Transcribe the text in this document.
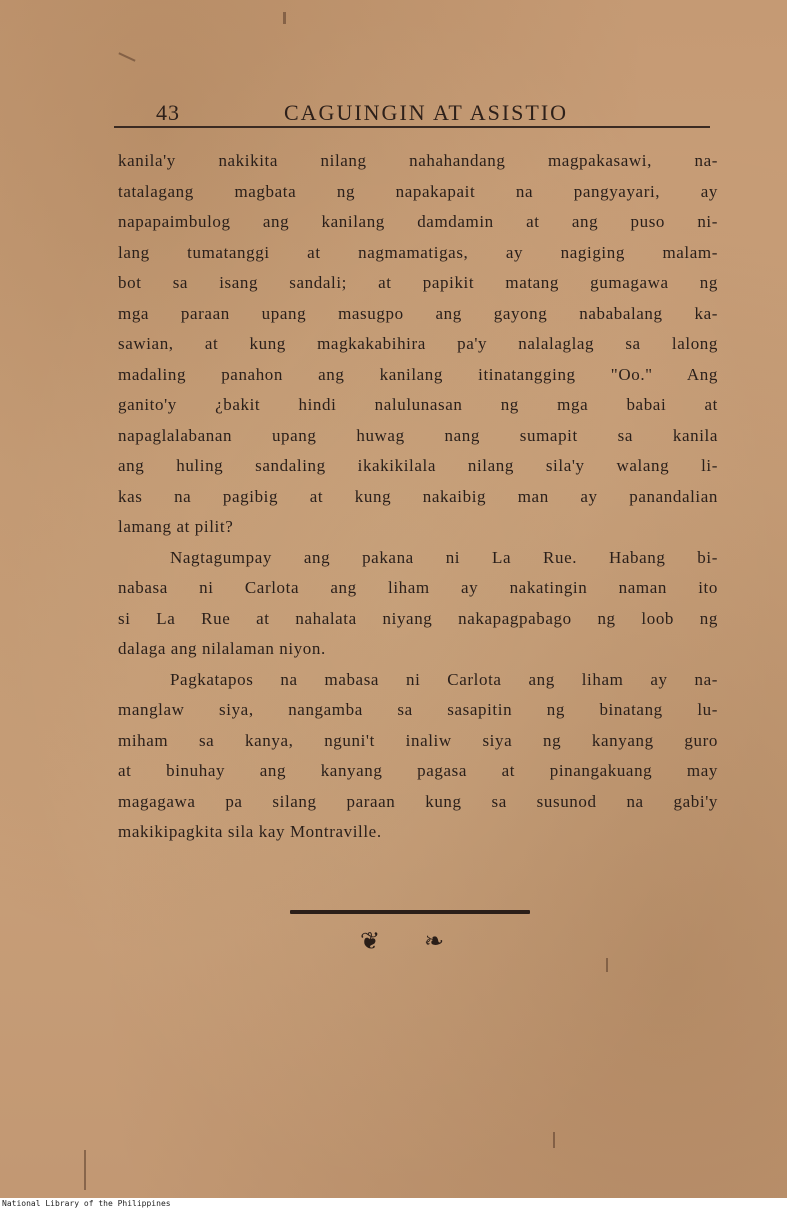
43	CAGUINGIN AT ASISTIO
kanila'y nakikita nilang nahahandang magpakasawi, na-
tatalagang magbata ng napakapait na pangyayari, ay
napapaimbulog ang kanilang damdamin at ang puso ni-
lang tumatanggi at nagmamatigas, ay nagiging malam-
bot sa isang sandali; at papikit matang gumagawa ng
mga paraan upang masugpo ang gayong nababalang ka-
sawian, at kung magkakabihira pa'y nalalaglag sa lalong
madaling panahon ang kanilang itinatangging "Oo." Ang
ganito'y ¿bakit hindi nalulunasan ng mga babai at
napaglalabanan upang huwag nang sumapit sa kanila
ang huling sandaling ikakikilala nilang sila'y walang li-
kas na pagibig at kung nakaibig man ay panandalian
lamang at pilit?
Nagtagumpay ang pakana ni La Rue. Habang bi-
nabasa ni Carlota ang liham ay nakatingin naman ito
si La Rue at nahalata niyang nakapagpabago ng loob ng
dalaga ang nilalaman niyon.
Pagkatapos na mabasa ni Carlota ang liham ay na-
manglaw siya, nangamba sa sasapitin ng binatang lu-
miham sa kanya, nguni't inaliw siya ng kanyang guro
at binuhay ang kanyang pagasa at pinangakuang may
magagawa pa silang paraan kung sa susunod na gabi'y
makikipagkita sila kay Montraville.
❦ ❧
National Library of the Philippines
